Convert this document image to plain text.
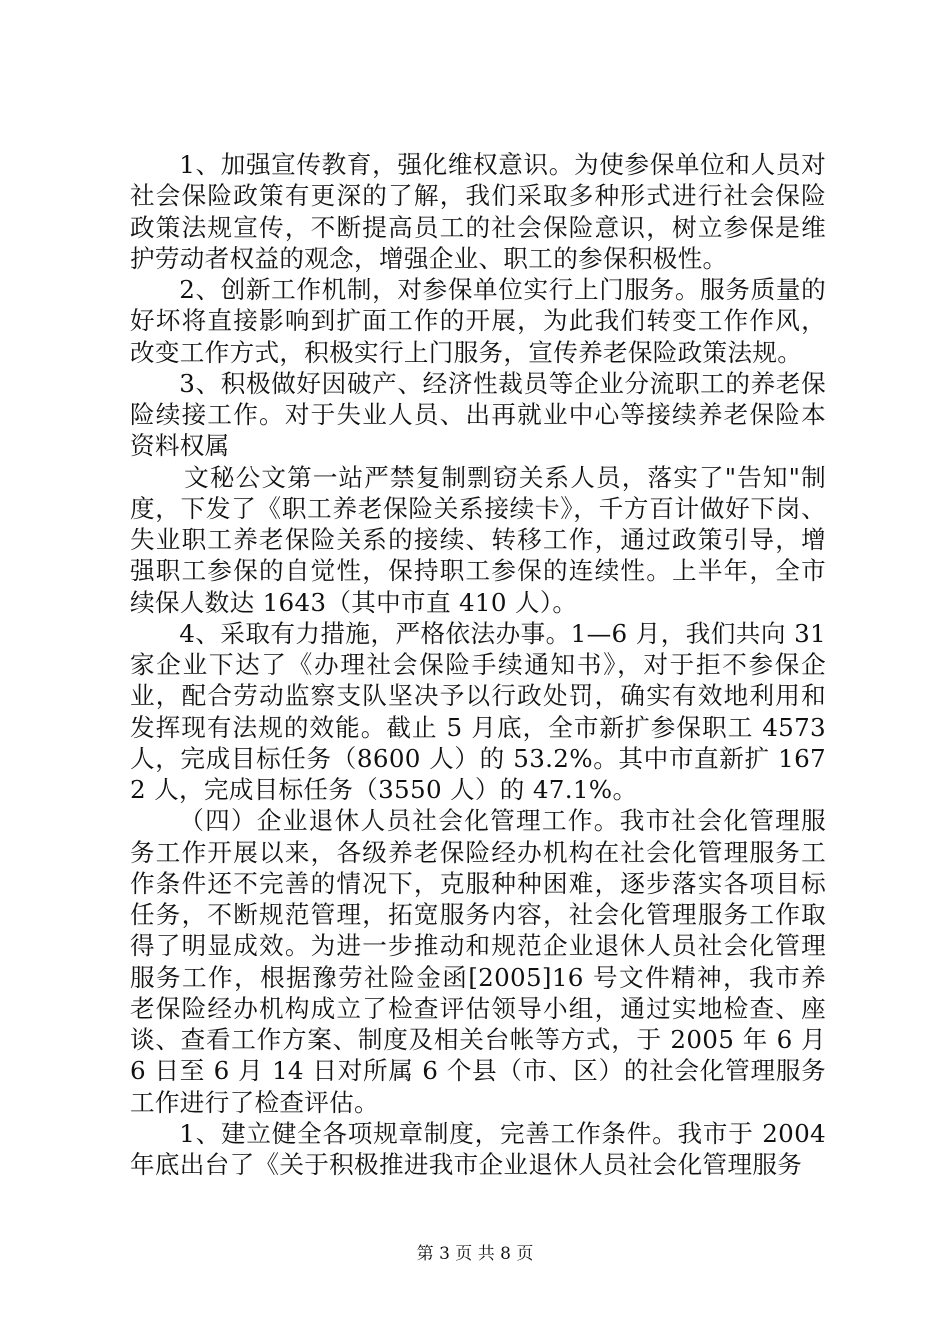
1、加强宣传教育，强化维权意识。为使参保单位和人员对社会保险政策有更深的了解，我们采取多种形式进行社会保险政策法规宣传，不断提高员工的社会保险意识，树立参保是维护劳动者权益的观念，增强企业、职工的参保积极性。

2、创新工作机制，对参保单位实行上门服务。服务质量的好坏将直接影响到扩面工作的开展，为此我们转变工作作风，改变工作方式，积极实行上门服务，宣传养老保险政策法规。

3、积极做好因破产、经济性裁员等企业分流职工的养老保险续接工作。对于失业人员、出再就业中心等接续养老保险本资料权属

文秘公文第一站严禁复制剽窃关系人员，落实了"告知"制度，下发了《职工养老保险关系接续卡》，千方百计做好下岗、失业职工养老保险关系的接续、转移工作，通过政策引导，增强职工参保的自觉性，保持职工参保的连续性。上半年，全市续保人数达 1643（其中市直 410 人）。

4、采取有力措施，严格依法办事。1—6 月，我们共向 31 家企业下达了《办理社会保险手续通知书》，对于拒不参保企业，配合劳动监察支队坚决予以行政处罚，确实有效地利用和发挥现有法规的效能。截止 5 月底，全市新扩参保职工 4573 人，完成目标任务（8600 人）的 53.2%。其中市直新扩 1672 人，完成目标任务（3550 人）的 47.1%。

（四）企业退休人员社会化管理工作。我市社会化管理服务工作开展以来，各级养老保险经办机构在社会化管理服务工作条件还不完善的情况下，克服种种困难，逐步落实各项目标任务，不断规范管理，拓宽服务内容，社会化管理服务工作取得了明显成效。为进一步推动和规范企业退休人员社会化管理服务工作，根据豫劳社险金函[2005]16 号文件精神，我市养老保险经办机构成立了检查评估领导小组，通过实地检查、座谈、查看工作方案、制度及相关台帐等方式，于 2005 年 6 月 6 日至 6 月 14 日对所属 6 个县（市、区）的社会化管理服务工作进行了检查评估。

1、建立健全各项规章制度，完善工作条件。我市于 2004 年底出台了《关于积极推进我市企业退休人员社会化管理服务

第 3 页 共 8 页
